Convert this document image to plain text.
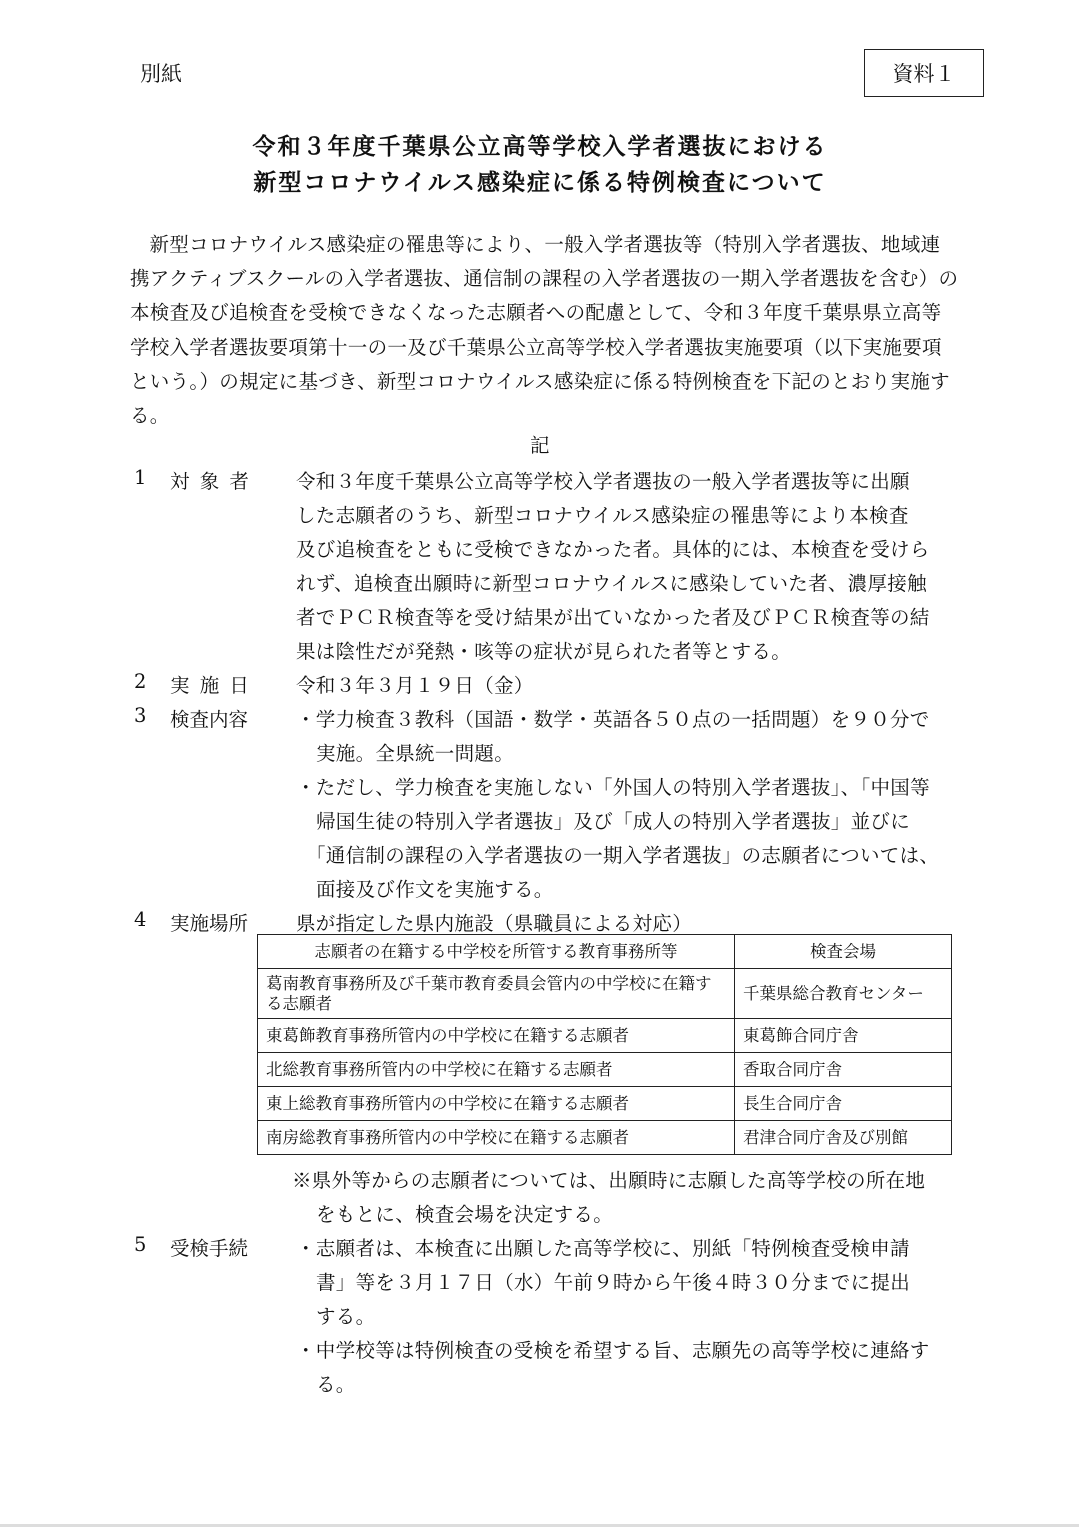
別紙	資料１
令和３年度千葉県公立高等学校入学者選抜における
新型コロナウイルス感染症に係る特例検査について
新型コロナウイルス感染症の罹患等により、一般入学者選抜等（特別入学者選抜、地域連携アクティブスクールの入学者選抜、通信制の課程の入学者選抜の一期入学者選抜を含む）の本検査及び追検査を受検できなくなった志願者への配慮として、令和３年度千葉県県立高等学校入学者選抜要項第十一の一及び千葉県公立高等学校入学者選抜実施要項（以下実施要項という。）の規定に基づき、新型コロナウイルス感染症に係る特例検査を下記のとおり実施する。
記
1 対 象 者 令和３年度千葉県公立高等学校入学者選抜の一般入学者選抜等に出願
した志願者のうち、新型コロナウイルス感染症の罹患等により本検査
及び追検査をともに受検できなかった者。具体的には、本検査を受けら
れず、追検査出願時に新型コロナウイルスに感染していた者、濃厚接触
者でＰＣＲ検査等を受け結果が出ていなかった者及びＰＣＲ検査等の結
果は陰性だが発熱・咳等の症状が見られた者等とする。
2 実 施 日 令和３年３月１９日（金）
3 検査内容 ・学力検査３教科（国語・数学・英語各５０点の一括問題）を９０分で
実施。全県統一問題。
・ただし、学力検査を実施しない「外国人の特別入学者選抜」、「中国等
帰国生徒の特別入学者選抜」及び「成人の特別入学者選抜」並びに
「通信制の課程の入学者選抜の一期入学者選抜」の志願者については、
面接及び作文を実施する。
4 実施場所 県が指定した県内施設（県職員による対応）
志願者の在籍する中学校を所管する教育事務所等	検査会場
葛南教育事務所及び千葉市教育委員会管内の中学校に在籍する志願者	千葉県総合教育センター
東葛飾教育事務所管内の中学校に在籍する志願者	東葛飾合同庁舎
北総教育事務所管内の中学校に在籍する志願者	香取合同庁舎
東上総教育事務所管内の中学校に在籍する志願者	長生合同庁舎
南房総教育事務所管内の中学校に在籍する志願者	君津合同庁舎及び別館
※県外等からの志願者については、出願時に志願した高等学校の所在地
をもとに、検査会場を決定する。
5 受検手続 ・志願者は、本検査に出願した高等学校に、別紙「特例検査受検申請
書」等を３月１７日（水）午前９時から午後４時３０分までに提出
する。
・中学校等は特例検査の受検を希望する旨、志願先の高等学校に連絡す
る。
